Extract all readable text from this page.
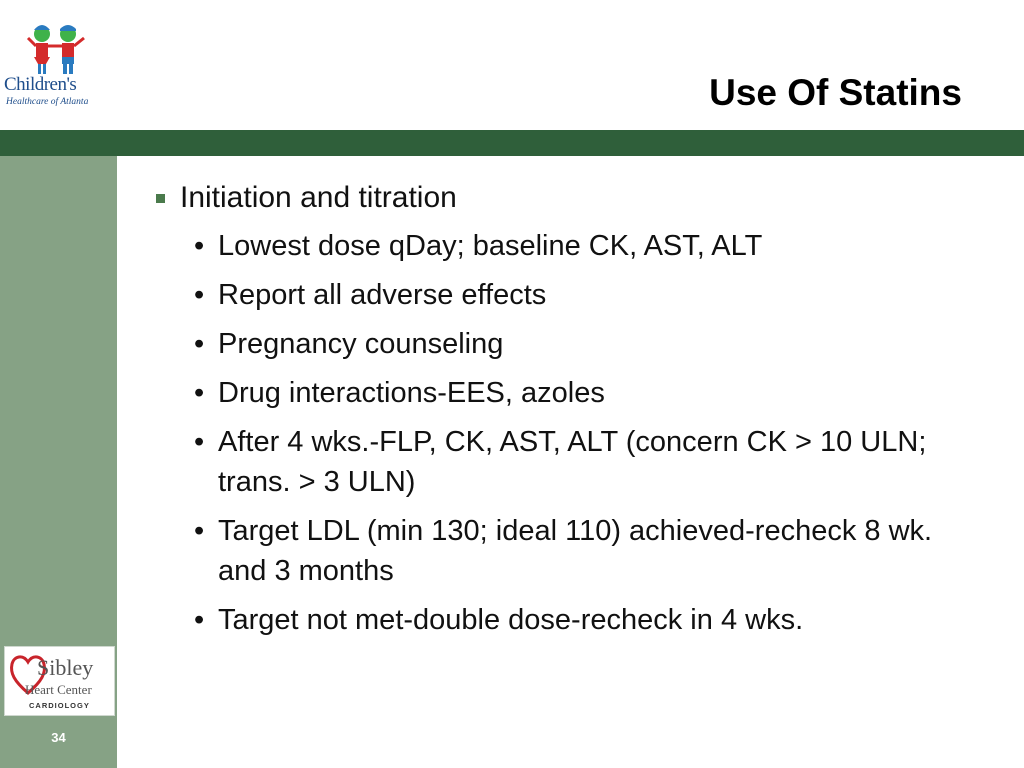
Children's
Healthcare of Atlanta	Use Of Statins
Initiation and titration
• Lowest dose qDay; baseline CK, AST, ALT
• Report all adverse effects
• Pregnancy counseling
• Drug interactions-EES, azoles
• After 4 wks.-FLP, CK, AST, ALT (concern CK > 10 ULN; trans. > 3 ULN)
• Target LDL (min 130; ideal 110) achieved-recheck 8 wk. and 3 months
• Target not met-double dose-recheck in 4 wks.
Sibley
Heart Center
CARDIOLOGY
34
